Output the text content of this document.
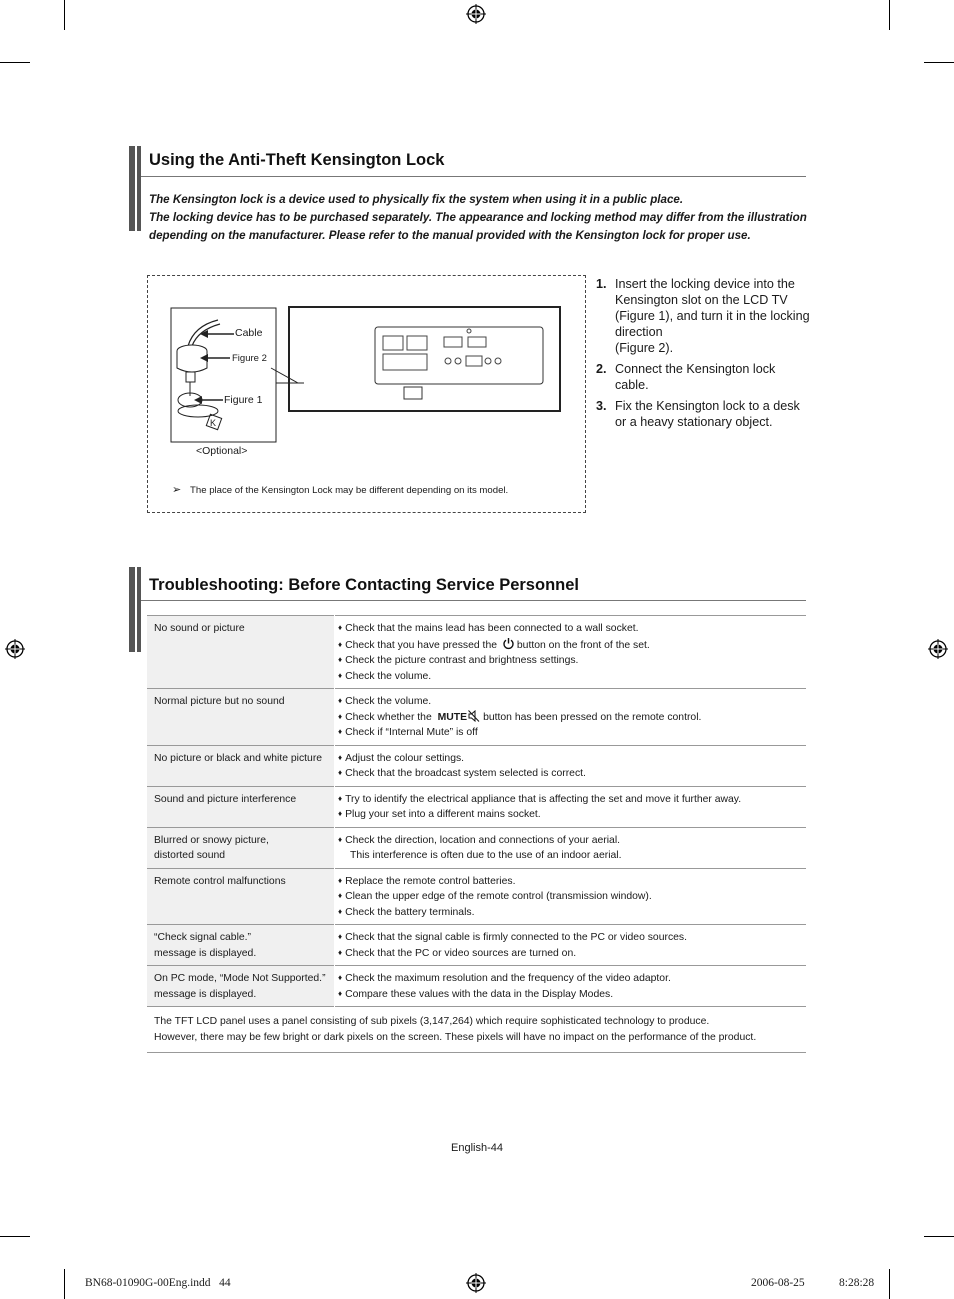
Using the Anti-Theft Kensington Lock

The Kensington lock is a device used to physically fix the system when using it in a public place.

The locking device has to be purchased separately. The appearance and locking method may differ from the illustration depending on the manufacturer. Please refer to the manual provided with the Kensington lock for proper use.

K
Cable
Figure 2
Figure 1
<Optional>
➢ The place of the Kensington Lock may be different depending on its model.
1. Insert the locking device into the Kensington slot on the LCD TV (Figure 1), and turn it in the locking direction
(Figure 2).
2. Connect the Kensington lock cable.
3. Fix the Kensington lock to a desk or a heavy stationary object.
Troubleshooting: Before Contacting Service Personnel
No sound or picture	♦ Check that the mains lead has been connected to a wall socket.
♦ Check that you have pressed the button on the front of the set.
♦ Check the picture contrast and brightness settings.
♦ Check the volume.

Normal picture but no sound	♦ Check the volume.
♦ Check whether the MUTE button has been pressed on the remote control.
♦ Check if “Internal Mute” is off

No picture or black and white picture	♦ Adjust the colour settings.
♦ Check that the broadcast system selected is correct.

Sound and picture interference	♦ Try to identify the electrical appliance that is affecting the set and move it further away.
♦ Plug your set into a different mains socket.

Blurred or snowy picture,
distorted sound	♦ Check the direction, location and connections of your aerial.
This interference is often due to the use of an indoor aerial.

Remote control malfunctions	♦ Replace the remote control batteries.
♦ Clean the upper edge of the remote control (transmission window).
♦ Check the battery terminals.

“Check signal cable.”
message is displayed.	♦ Check that the signal cable is firmly connected to the PC or video sources.
♦ Check that the PC or video sources are turned on.

On PC mode, “Mode Not Supported.”
message is displayed.	♦ Check the maximum resolution and the frequency of the video adaptor.
♦ Compare these values with the data in the Display Modes.

The TFT LCD panel uses a panel consisting of sub pixels (3,147,264) which require sophisticated technology to produce.
However, there may be few bright or dark pixels on the screen. These pixels will have no impact on the performance of the product.	
English-44
BN68-01090G-00Eng.indd   44	2006-08-25	8:28:28
